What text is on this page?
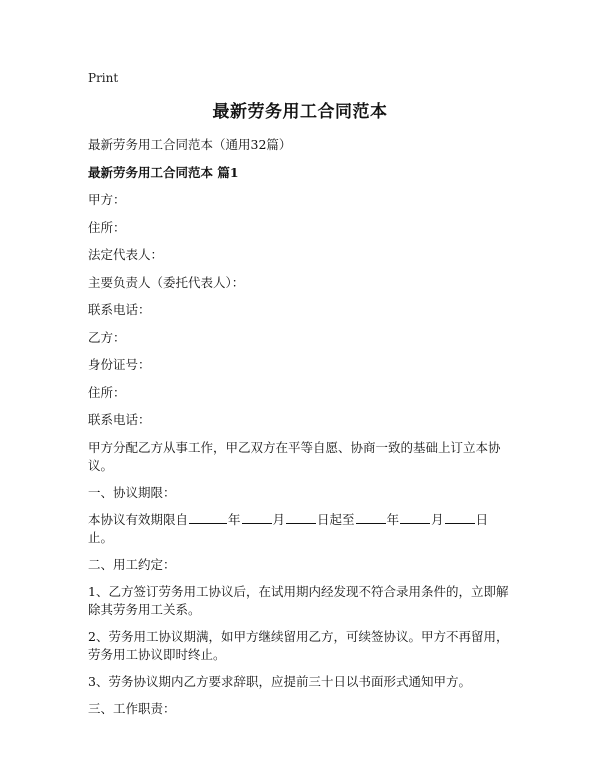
Print
最新劳务用工合同范本
最新劳务用工合同范本（通用32篇）
最新劳务用工合同范本 篇1
甲方：
住所：
法定代表人：
主要负责人（委托代表人）：
联系电话：
乙方：
身份证号：
住所：
联系电话：
甲方分配乙方从事工作，甲乙双方在平等自愿、协商一致的基础上订立本协议。
一、协议期限：
本协议有效期限自	年	月	日起至	年	月	日止。
二、用工约定：
1、乙方签订劳务用工协议后，在试用期内经发现不符合录用条件的，立即解除其劳务用工关系。
2、劳务用工协议期满，如甲方继续留用乙方，可续签协议。甲方不再留用，劳务用工协议即时终止。
3、劳务协议期内乙方要求辞职，应提前三十日以书面形式通知甲方。
三、工作职责：
